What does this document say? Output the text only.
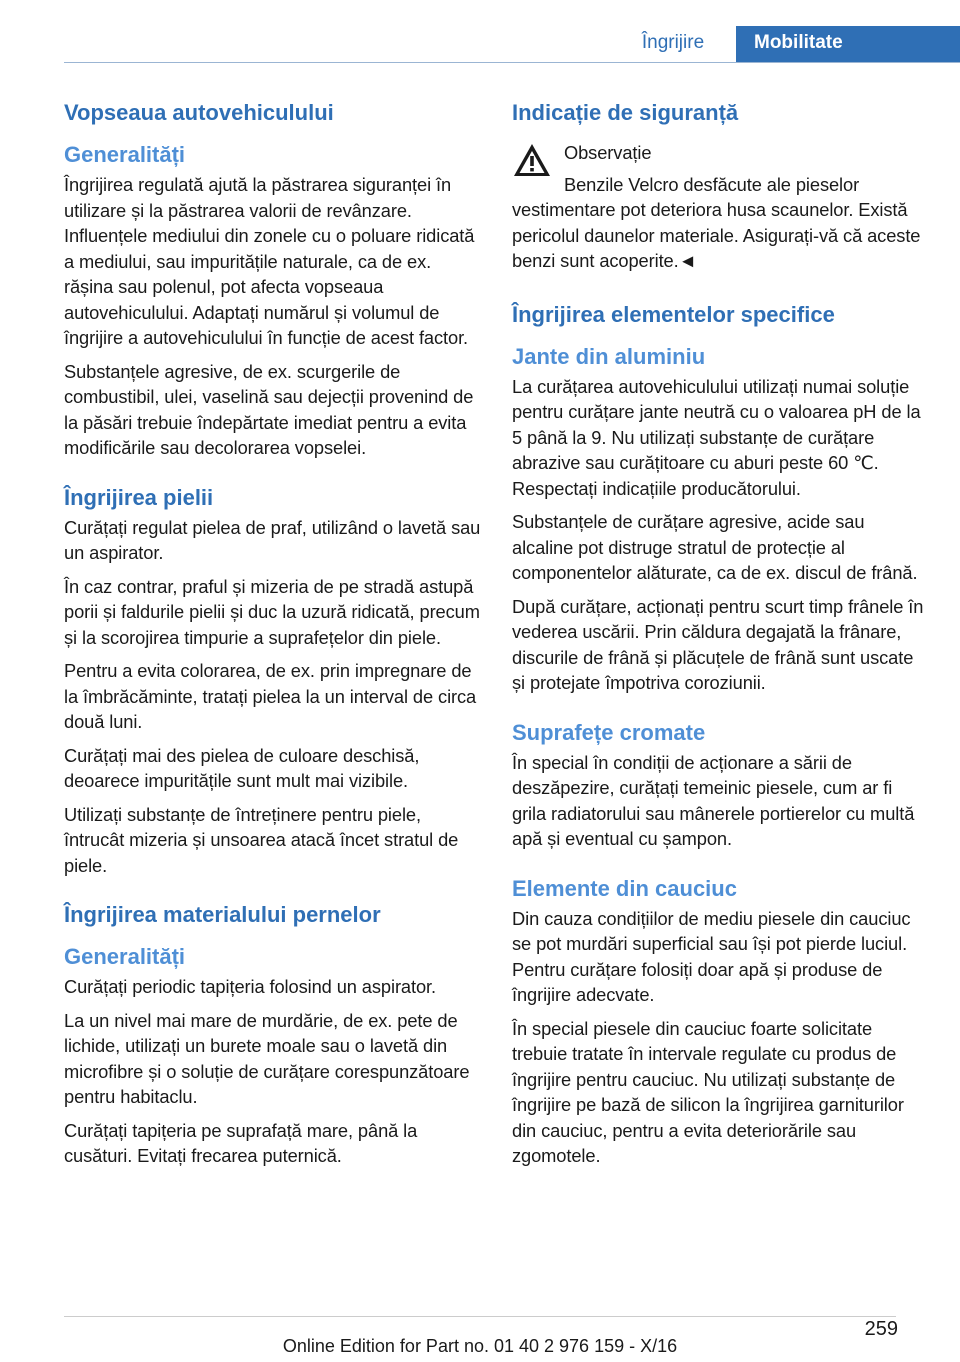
Îngrijire	Mobilitate
Vopseaua autovehiculului
Generalități

Îngrijirea regulată ajută la păstrarea siguranței în utilizare și la păstrarea valorii de revânzare. Influențele mediului din zonele cu o poluare ridicată a mediului, sau impuritățile naturale, ca de ex. rășina sau polenul, pot afecta vopseaua autovehiculului. Adaptați numărul și volumul de îngrijire a autovehiculului în funcție de acest factor.

Substanțele agresive, de ex. scurgerile de combustibil, ulei, vaselină sau dejecții provenind de la păsări trebuie îndepărtate imediat pentru a evita modificările sau decolorarea vopselei.

Îngrijirea pielii

Curățați regulat pielea de praf, utilizând o lavetă sau un aspirator.

În caz contrar, praful și mizeria de pe stradă astupă porii și faldurile pielii și duc la uzură ridicată, precum și la scorojirea timpurie a suprafețelor din piele.

Pentru a evita colorarea, de ex. prin impregnare de la îmbrăcăminte, tratați pielea la un interval de circa două luni.

Curățați mai des pielea de culoare deschisă, deoarece impuritățile sunt mult mai vizibile.

Utilizați substanțe de întreținere pentru piele, întrucât mizeria și unsoarea atacă încet stratul de piele.

Îngrijirea materialului pernelor
Generalități

Curățați periodic tapițeria folosind un aspirator.

La un nivel mai mare de murdărie, de ex. pete de lichide, utilizați un burete moale sau o lavetă din microfibre și o soluție de curățare corespunzătoare pentru habitaclu.

Curățați tapițeria pe suprafață mare, până la cusături. Evitați frecarea puternică.

Indicație de siguranță

Observație

Benzile Velcro desfăcute ale pieselor

vestimentare pot deteriora husa scaunelor. Există pericolul daunelor materiale. Asigurați-vă că aceste benzi sunt acoperite.◄

Îngrijirea elementelor specifice
Jante din aluminiu

La curățarea autovehiculului utilizați numai soluție pentru curățare jante neutră cu o valoarea pH de la 5 până la 9. Nu utilizați substanțe de curățare abrazive sau curățitoare cu aburi peste 60 ℃. Respectați indicațiile producătorului.

Substanțele de curățare agresive, acide sau alcaline pot distruge stratul de protecție al componentelor alăturate, ca de ex. discul de frână.

După curățare, acționați pentru scurt timp frânele în vederea uscării. Prin căldura degajată la frânare, discurile de frână și plăcuțele de frână sunt uscate și protejate împotriva coroziunii.

Suprafețe cromate

În special în condiții de acționare a sării de deszăpezire, curățați temeinic piesele, cum ar fi grila radiatorului sau mânerele portierelor cu multă apă și eventual cu șampon.

Elemente din cauciuc

Din cauza condițiilor de mediu piesele din cauciuc se pot murdări superficial sau își pot pierde luciul. Pentru curățare folosiți doar apă și produse de îngrijire adecvate.

În special piesele din cauciuc foarte solicitate trebuie tratate în intervale regulate cu produs de îngrijire pentru cauciuc. Nu utilizați substanțe de îngrijire pe bază de silicon la îngrijirea garniturilor din cauciuc, pentru a evita deteriorările sau zgomotele.

259
Online Edition for Part no. 01 40 2 976 159 - X/16
